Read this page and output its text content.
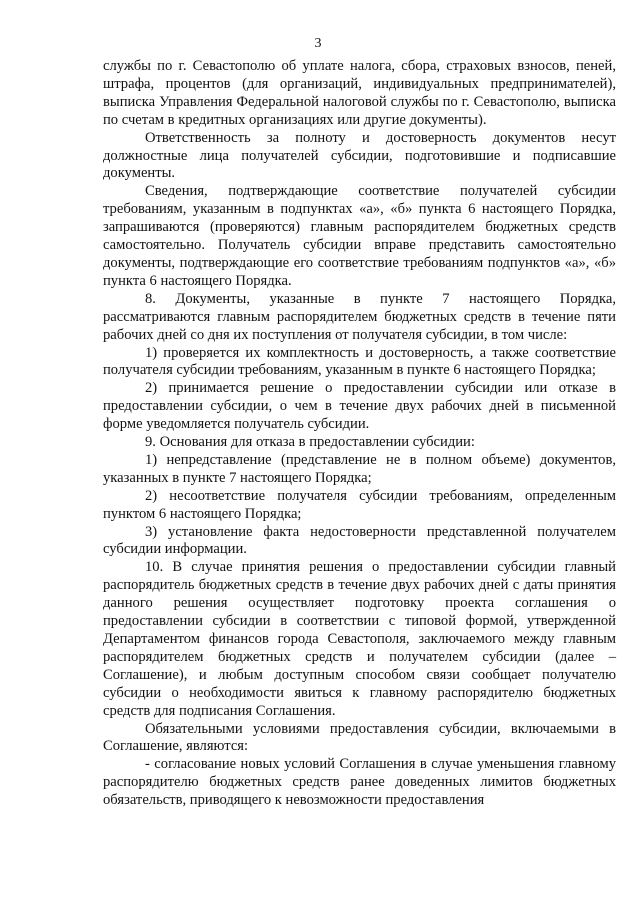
3

службы по г. Севастополю об уплате налога, сбора, страховых взносов, пеней, штрафа, процентов (для организаций, индивидуальных предпринимателей), выписка Управления Федеральной налоговой службы по г. Севастополю, выписка по счетам в кредитных организациях или другие документы).

Ответственность за полноту и достоверность документов несут должностные лица получателей субсидии, подготовившие и подписавшие документы.

Сведения, подтверждающие соответствие получателей субсидии требованиям, указанным в подпунктах «а», «б» пункта 6 настоящего Порядка, запрашиваются (проверяются) главным распорядителем бюджетных средств самостоятельно. Получатель субсидии вправе представить самостоятельно документы, подтверждающие его соответствие требованиям подпунктов «а», «б» пункта 6 настоящего Порядка.

8. Документы, указанные в пункте 7 настоящего Порядка, рассматриваются главным распорядителем бюджетных средств в течение пяти рабочих дней со дня их поступления от получателя субсидии, в том числе:

1) проверяется их комплектность и достоверность, а также соответствие получателя субсидии требованиям, указанным в пункте 6 настоящего Порядка;

2) принимается решение о предоставлении субсидии или отказе в предоставлении субсидии, о чем в течение двух рабочих дней в письменной форме уведомляется получатель субсидии.

9. Основания для отказа в предоставлении субсидии:

1) непредставление (представление не в полном объеме) документов, указанных в пункте 7 настоящего Порядка;

2) несоответствие получателя субсидии требованиям, определенным пунктом 6 настоящего Порядка;

3) установление факта недостоверности представленной получателем субсидии информации.

10. В случае принятия решения о предоставлении субсидии главный распорядитель бюджетных средств в течение двух рабочих дней с даты принятия данного решения осуществляет подготовку проекта соглашения о предоставлении субсидии в соответствии с типовой формой, утвержденной Департаментом финансов города Севастополя, заключаемого между главным распорядителем бюджетных средств и получателем субсидии (далее – Соглашение), и любым доступным способом связи сообщает получателю субсидии о необходимости явиться к главному распорядителю бюджетных средств для подписания Соглашения.

Обязательными условиями предоставления субсидии, включаемыми в Соглашение, являются:

- согласование новых условий Соглашения в случае уменьшения главному распорядителю бюджетных средств ранее доведенных лимитов бюджетных обязательств, приводящего к невозможности предоставления
